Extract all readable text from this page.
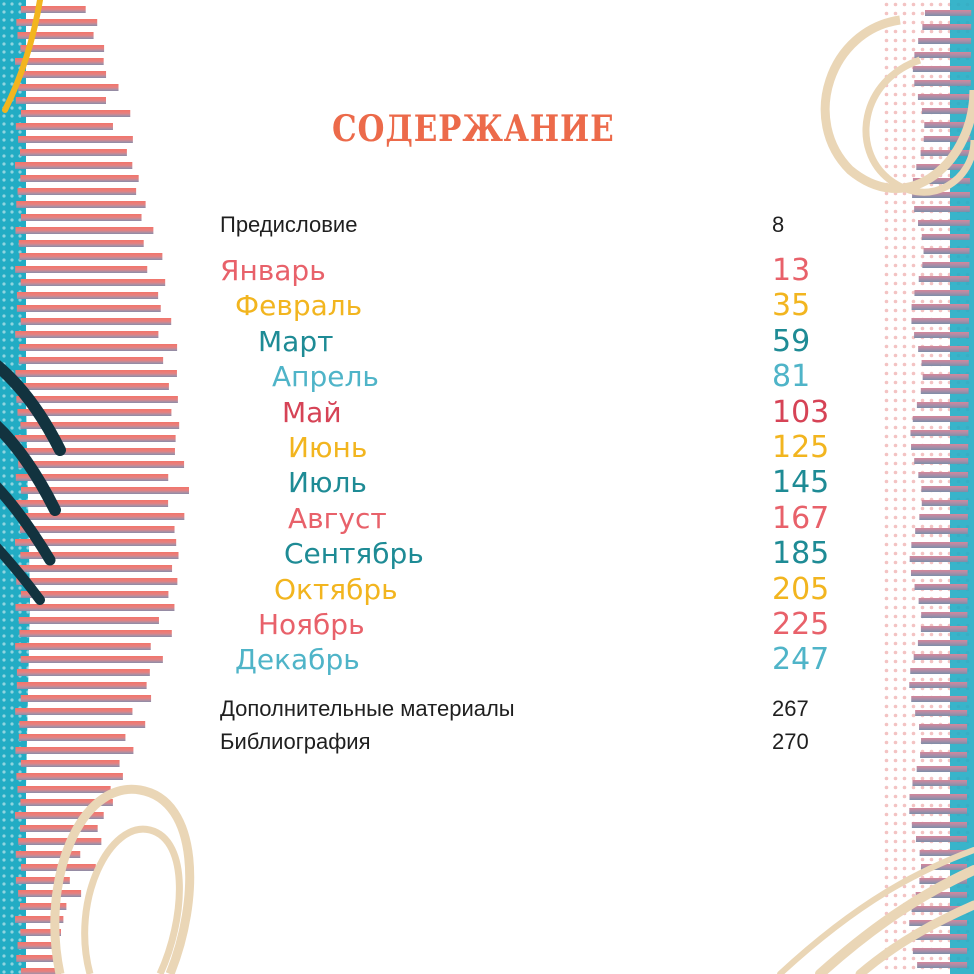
СОДЕРЖАНИЕ
Предисловие	8
Январь	13
Февраль	35
Март	59
Апрель	81
Май	103
Июнь	125
Июль	145
Август	167
Сентябрь	185
Октябрь	205
Ноябрь	225
Декабрь	247
Дополнительные материалы	267
Библиография	270
